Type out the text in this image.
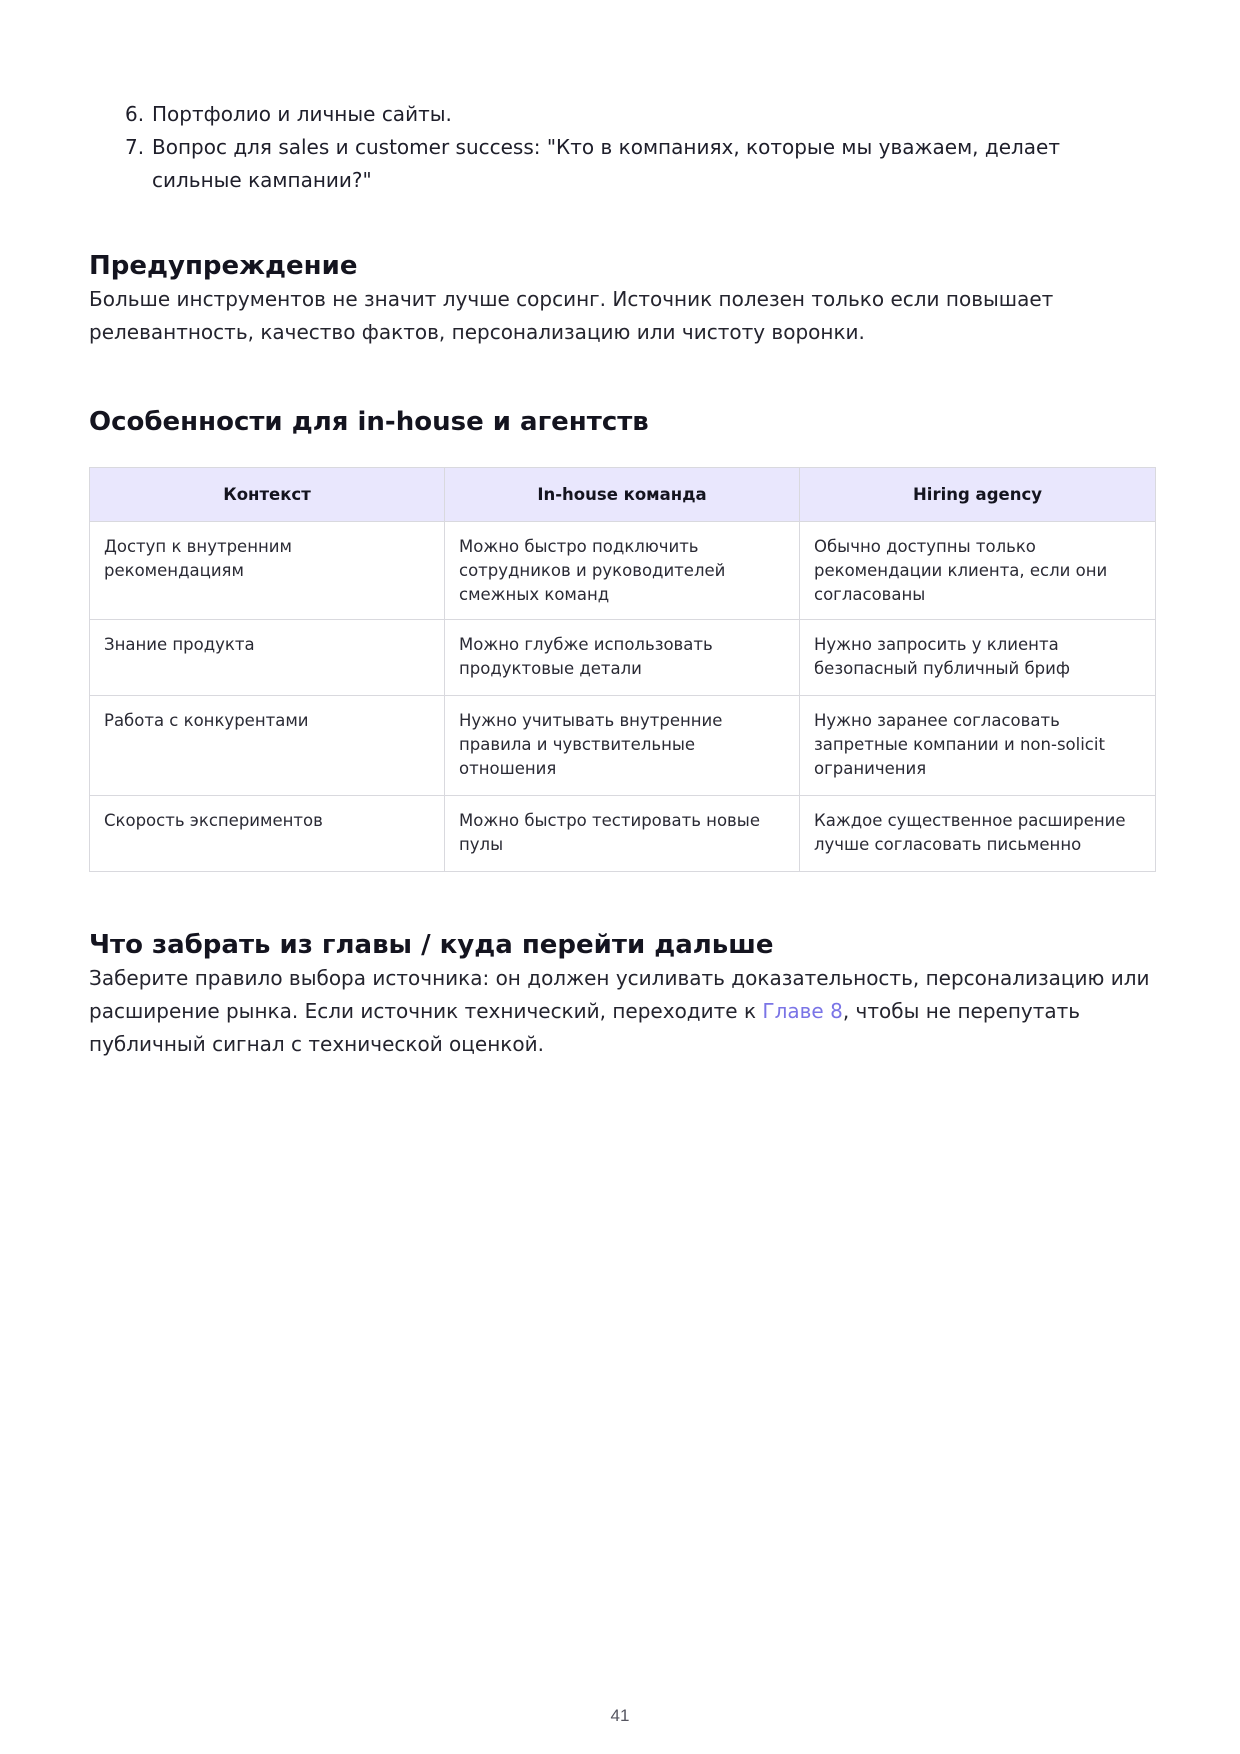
6. Портфолио и личные сайты.
7. Вопрос для sales и customer success: "Кто в компаниях, которые мы уважаем, делает сильные кампании?"
Предупреждение

Больше инструментов не значит лучше сорсинг. Источник полезен только если повышает релевантность, качество фактов, персонализацию или чистоту воронки.

Особенности для in-house и агентств
Контекст	In-house команда	Hiring agency
Доступ к внутренним рекомендациям	Можно быстро подключить сотрудников и руководителей смежных команд	Обычно доступны только рекомендации клиента, если они согласованы
Знание продукта	Можно глубже использовать продуктовые детали	Нужно запросить у клиента безопасный публичный бриф
Работа с конкурентами	Нужно учитывать внутренние правила и чувствительные отношения	Нужно заранее согласовать запретные компании и non-solicit ограничения
Скорость экспериментов	Можно быстро тестировать новые пулы	Каждое существенное расширение лучше согласовать письменно
Что забрать из главы / куда перейти дальше

Заберите правило выбора источника: он должен усиливать доказательность, персонализацию или расширение рынка. Если источник технический, переходите к Главе 8, чтобы не перепутать публичный сигнал с технической оценкой.

41
